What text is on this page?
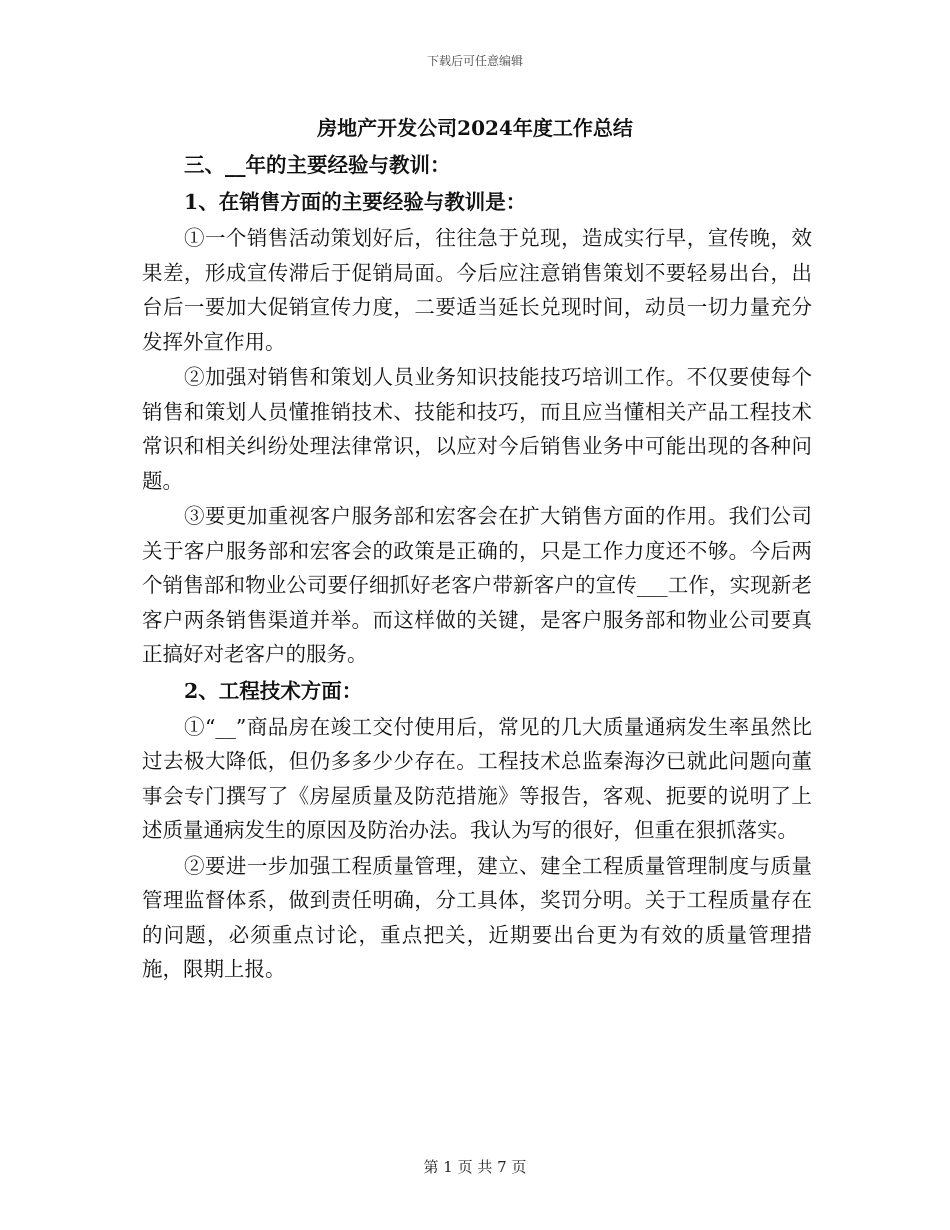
下载后可任意编辑
房地产开发公司2024年度工作总结

三、__年的主要经验与教训：

1、在销售方面的主要经验与教训是：

①一个销售活动策划好后，往往急于兑现，造成实行早，宣传晚，效果差，形成宣传滞后于促销局面。今后应注意销售策划不要轻易出台，出台后一要加大促销宣传力度，二要适当延长兑现时间，动员一切力量充分发挥外宣作用。

②加强对销售和策划人员业务知识技能技巧培训工作。不仅要使每个销售和策划人员懂推销技术、技能和技巧，而且应当懂相关产品工程技术常识和相关纠纷处理法律常识，以应对今后销售业务中可能出现的各种问题。

③要更加重视客户服务部和宏客会在扩大销售方面的作用。我们公司关于客户服务部和宏客会的政策是正确的，只是工作力度还不够。今后两个销售部和物业公司要仔细抓好老客户带新客户的宣传___工作，实现新老客户两条销售渠道并举。而这样做的关键，是客户服务部和物业公司要真正搞好对老客户的服务。

2、工程技术方面：

①“__”商品房在竣工交付使用后，常见的几大质量通病发生率虽然比过去极大降低，但仍多多少少存在。工程技术总监秦海汐已就此问题向董事会专门撰写了《房屋质量及防范措施》等报告，客观、扼要的说明了上述质量通病发生的原因及防治办法。我认为写的很好，但重在狠抓落实。

②要进一步加强工程质量管理，建立、建全工程质量管理制度与质量管理监督体系，做到责任明确，分工具体，奖罚分明。关于工程质量存在的问题，必须重点讨论，重点把关，近期要出台更为有效的质量管理措施，限期上报。

第 1 页 共 7 页
